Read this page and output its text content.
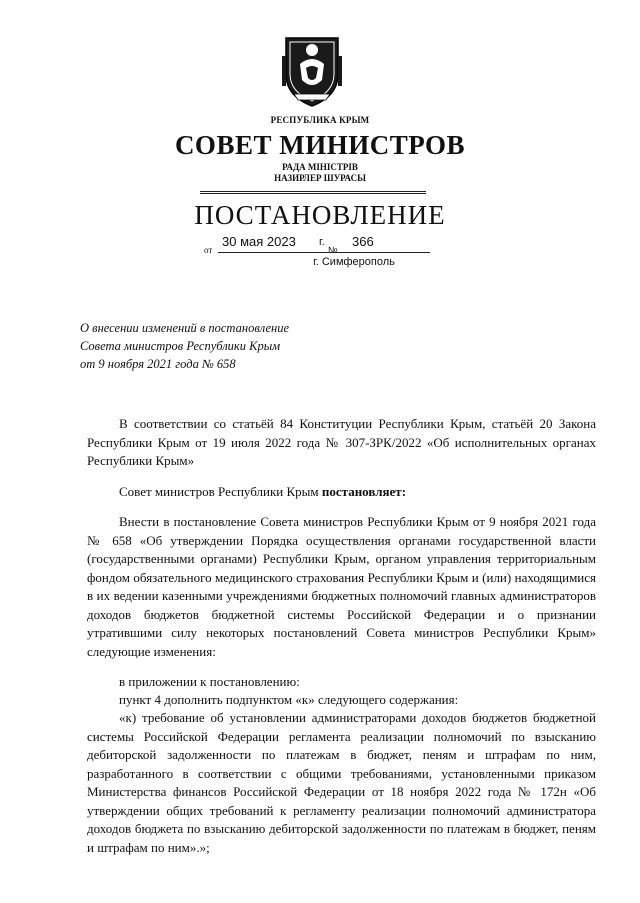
РЕСПУБЛИКА КРЫМ
СОВЕТ МИНИСТРОВ
РАДА МІНІСТРІВ
НАЗИРЛЕР ШУРАСЫ
ПОСТАНОВЛЕНИЕ
от
30 мая 2023 г.
№
366
г. Симферополь
О внесении изменений в постановление
Совета министров Республики Крым
от 9 ноября 2021 года № 658

В соответствии со статьёй 84 Конституции Республики Крым, статьёй 20 Закона Республики Крым от 19 июля 2022 года № 307-ЗРК/2022 «Об исполнительных органах Республики Крым»

Совет министров Республики Крым постановляет:

Внести в постановление Совета министров Республики Крым от 9 ноября 2021 года № 658 «Об утверждении Порядка осуществления органами государственной власти (государственными органами) Республики Крым, органом управления территориальным фондом обязательного медицинского страхования Республики Крым и (или) находящимися в их ведении казенными учреждениями бюджетных полномочий главных администраторов доходов бюджетов бюджетной системы Российской Федерации и о признании утратившими силу некоторых постановлений Совета министров Республики Крым» следующие изменения:

в приложении к постановлению:

пункт 4 дополнить подпунктом «к» следующего содержания:

«к) требование об установлении администраторами доходов бюджетов бюджетной системы Российской Федерации регламента реализации полномочий по взысканию дебиторской задолженности по платежам в бюджет, пеням и штрафам по ним, разработанного в соответствии с общими требованиями, установленными приказом Министерства финансов Российской Федерации от 18 ноября 2022 года № 172н «Об утверждении общих требований к регламенту реализации полномочий администратора доходов бюджета по взысканию дебиторской задолженности по платежам в бюджет, пеням и штрафам по ним».»;
